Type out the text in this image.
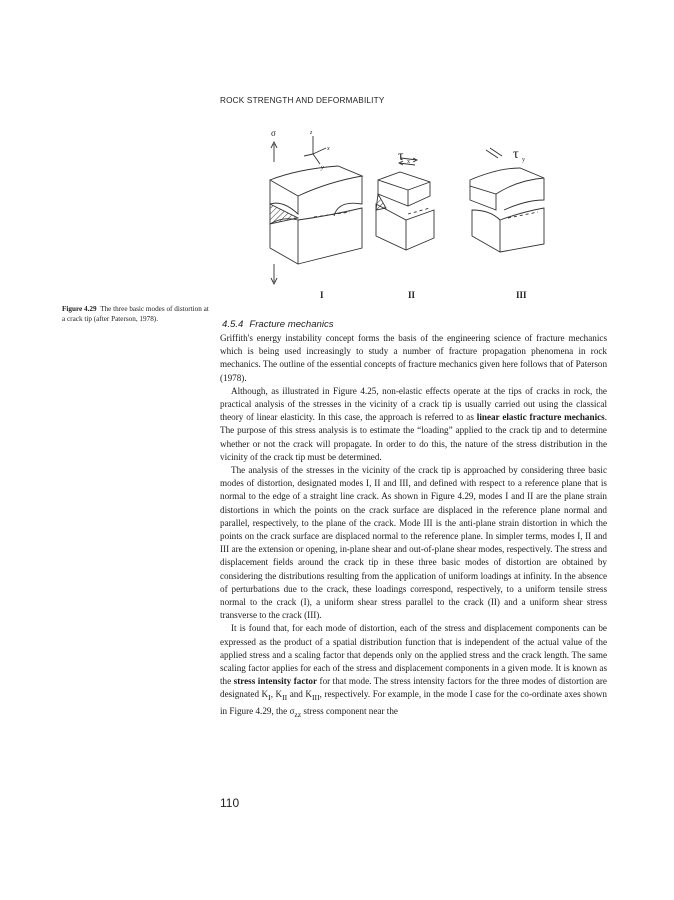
ROCK STRENGTH AND DEFORMABILITY
σ	z
x
y
τ x	τ y
I	II	III
Figure 4.29 The three basic modes of distortion at a crack tip (after Paterson, 1978).	4.5.4 Fracture mechanics

Griffith's energy instability concept forms the basis of the engineering science of fracture mechanics which is being used increasingly to study a number of fracture propagation phenomena in rock mechanics. The outline of the essential concepts of fracture mechanics given here follows that of Paterson (1978).

Although, as illustrated in Figure 4.25, non-elastic effects operate at the tips of cracks in rock, the practical analysis of the stresses in the vicinity of a crack tip is usually carried out using the classical theory of linear elasticity. In this case, the approach is referred to as linear elastic fracture mechanics. The purpose of this stress analysis is to estimate the “loading” applied to the crack tip and to determine whether or not the crack will propagate. In order to do this, the nature of the stress distribution in the vicinity of the crack tip must be determined.

The analysis of the stresses in the vicinity of the crack tip is approached by considering three basic modes of distortion, designated modes I, II and III, and defined with respect to a reference plane that is normal to the edge of a straight line crack. As shown in Figure 4.29, modes I and II are the plane strain distortions in which the points on the crack surface are displaced in the reference plane normal and parallel, respectively, to the plane of the crack. Mode III is the anti-plane strain distortion in which the points on the crack surface are displaced normal to the reference plane. In simpler terms, modes I, II and III are the extension or opening, in-plane shear and out-of-plane shear modes, respectively. The stress and displacement fields around the crack tip in these three basic modes of distortion are obtained by considering the distributions resulting from the application of uniform loadings at infinity. In the absence of perturbations due to the crack, these loadings correspond, respectively, to a uniform tensile stress normal to the crack (I), a uniform shear stress parallel to the crack (II) and a uniform shear stress transverse to the crack (III).

It is found that, for each mode of distortion, each of the stress and displacement components can be expressed as the product of a spatial distribution function that is independent of the actual value of the applied stress and a scaling factor that depends only on the applied stress and the crack length. The same scaling factor applies for each of the stress and displacement components in a given mode. It is known as the stress intensity factor for that mode. The stress intensity factors for the three modes of distortion are designated $K_I$, $K_{II}$ and $K_{III}$, respectively. For example, in the mode I case for the co-ordinate axes shown in Figure 4.29, the $\sigma_{zz}$ stress component near the

110
